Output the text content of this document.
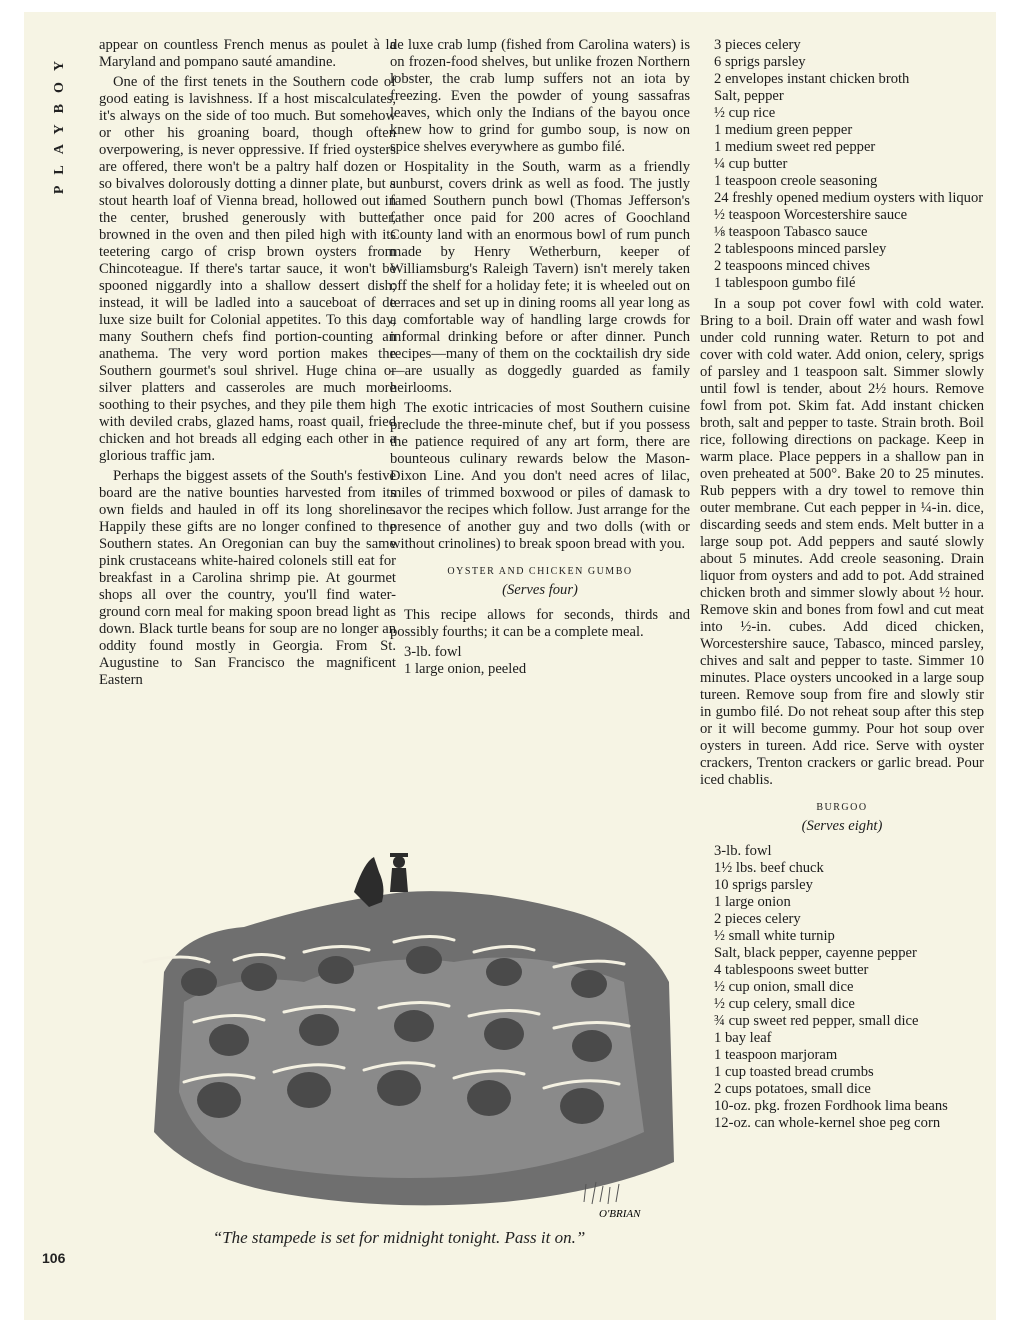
PLAYBOY

appear on countless French menus as poulet à la Maryland and pompano sauté amandine.

One of the first tenets in the Southern code of good eating is lavishness. If a host miscalculates, it's always on the side of too much. But somehow or other his groaning board, though often overpowering, is never oppressive. If fried oysters are offered, there won't be a paltry half dozen or so bivalves dolorously dotting a dinner plate, but a stout hearth loaf of Vienna bread, hollowed out in the center, brushed generously with butter, browned in the oven and then piled high with its teetering cargo of crisp brown oysters from Chincoteague. If there's tartar sauce, it won't be spooned niggardly into a shallow dessert dish; instead, it will be ladled into a sauceboat of de luxe size built for Colonial appetites. To this day, many Southern chefs find portion-counting an anathema. The very word portion makes the Southern gourmet's soul shrivel. Huge china or silver platters and casseroles are much more soothing to their psyches, and they pile them high with deviled crabs, glazed hams, roast quail, fried chicken and hot breads all edging each other in a glorious traffic jam.

Perhaps the biggest assets of the South's festive board are the native bounties harvested from its own fields and hauled in off its long shoreline. Happily these gifts are no longer confined to the Southern states. An Oregonian can buy the same pink crustaceans white-haired colonels still eat for breakfast in a Carolina shrimp pie. At gourmet shops all over the country, you'll find water-ground corn meal for making spoon bread light as down. Black turtle beans for soup are no longer an oddity found mostly in Georgia. From St. Augustine to San Francisco the magnificent Eastern

de luxe crab lump (fished from Carolina waters) is on frozen-food shelves, but unlike frozen Northern lobster, the crab lump suffers not an iota by freezing. Even the powder of young sassafras leaves, which only the Indians of the bayou once knew how to grind for gumbo soup, is now on spice shelves everywhere as gumbo filé.

Hospitality in the South, warm as a friendly sunburst, covers drink as well as food. The justly famed Southern punch bowl (Thomas Jefferson's father once paid for 200 acres of Goochland County land with an enormous bowl of rum punch made by Henry Wetherburn, keeper of Williamsburg's Raleigh Tavern) isn't merely taken off the shelf for a holiday fete; it is wheeled out on terraces and set up in dining rooms all year long as a comfortable way of handling large crowds for informal drinking before or after dinner. Punch recipes—many of them on the cocktailish dry side —are usually as doggedly guarded as family heirlooms.

The exotic intricacies of most Southern cuisine preclude the three-minute chef, but if you possess the patience required of any art form, there are bounteous culinary rewards below the Mason-Dixon Line. And you don't need acres of lilac, miles of trimmed boxwood or piles of damask to savor the recipes which follow. Just arrange for the presence of another guy and two dolls (with or without crinolines) to break spoon bread with you.

OYSTER AND CHICKEN GUMBO
(Serves four)

This recipe allows for seconds, thirds and possibly fourths; it can be a complete meal.

3-lb. fowl
1 large onion, peeled
3 pieces celery
6 sprigs parsley
2 envelopes instant chicken broth
Salt, pepper
½ cup rice
1 medium green pepper
1 medium sweet red pepper
¼ cup butter
1 teaspoon creole seasoning
24 freshly opened medium oysters with liquor
½ teaspoon Worcestershire sauce
⅛ teaspoon Tabasco sauce
2 tablespoons minced parsley
2 teaspoons minced chives
1 tablespoon gumbo filé

In a soup pot cover fowl with cold water. Bring to a boil. Drain off water and wash fowl under cold running water. Return to pot and cover with cold water. Add onion, celery, sprigs of parsley and 1 teaspoon salt. Simmer slowly until fowl is tender, about 2½ hours. Remove fowl from pot. Skim fat. Add instant chicken broth, salt and pepper to taste. Strain broth. Boil rice, following directions on package. Keep in warm place. Place peppers in a shallow pan in oven preheated at 500°. Bake 20 to 25 minutes. Rub peppers with a dry towel to remove thin outer membrane. Cut each pepper in ¼-in. dice, discarding seeds and stem ends. Melt butter in a large soup pot. Add peppers and sauté slowly about 5 minutes. Add creole seasoning. Drain liquor from oysters and add to pot. Add strained chicken broth and simmer slowly about ½ hour. Remove skin and bones from fowl and cut meat into ½-in. cubes. Add diced chicken, Worcestershire sauce, Tabasco, minced parsley, chives and salt and pepper to taste. Simmer 10 minutes. Place oysters uncooked in a large soup tureen. Remove soup from fire and slowly stir in gumbo filé. Do not reheat soup after this step or it will become gummy. Pour hot soup over oysters in tureen. Add rice. Serve with oyster crackers, Trenton crackers or garlic bread. Pour iced chablis.

BURGOO
(Serves eight)
3-lb. fowl
1½ lbs. beef chuck
10 sprigs parsley
1 large onion
2 pieces celery
½ small white turnip
Salt, black pepper, cayenne pepper
4 tablespoons sweet butter
½ cup onion, small dice
½ cup celery, small dice
¾ cup sweet red pepper, small dice
1 bay leaf
1 teaspoon marjoram
1 cup toasted bread crumbs
2 cups potatoes, small dice
10-oz. pkg. frozen Fordhook lima beans
12-oz. can whole-kernel shoe peg corn
O'BRIAN
“The stampede is set for midnight tonight. Pass it on.”
106
